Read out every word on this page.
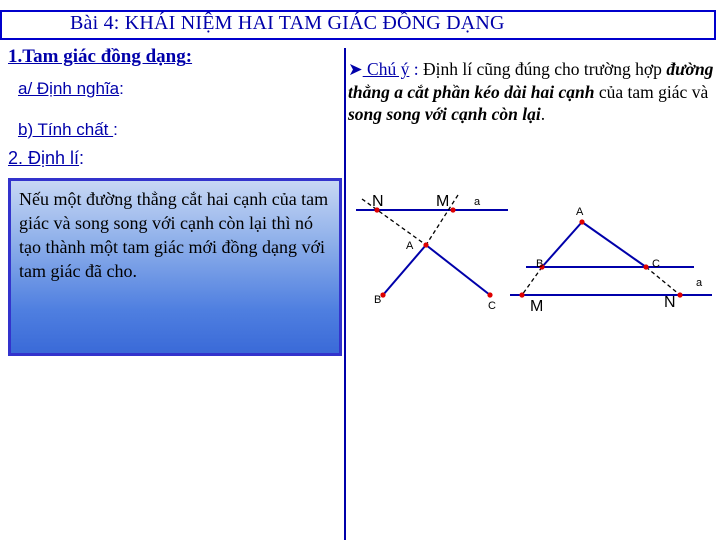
Bài 4: KHÁI NIỆM HAI TAM GIÁC ĐỒNG DẠNG
1.Tam giác đồng dạng:
a/ Định nghĩa:
b) Tính chất :
2. Định lí:
Nếu một đường thẳng cắt hai cạnh của tam giác và song song với cạnh còn lại thì nó tạo thành một tam giác mới đồng dạng với tam giác đã cho.
➤ Chú ý : Định lí cũng đúng cho trường hợp đường thẳng a cắt phần kéo dài hai cạnh của tam giác và song song với cạnh còn lại.
N	M a
A
B	C
A
B	C
a
M	N
